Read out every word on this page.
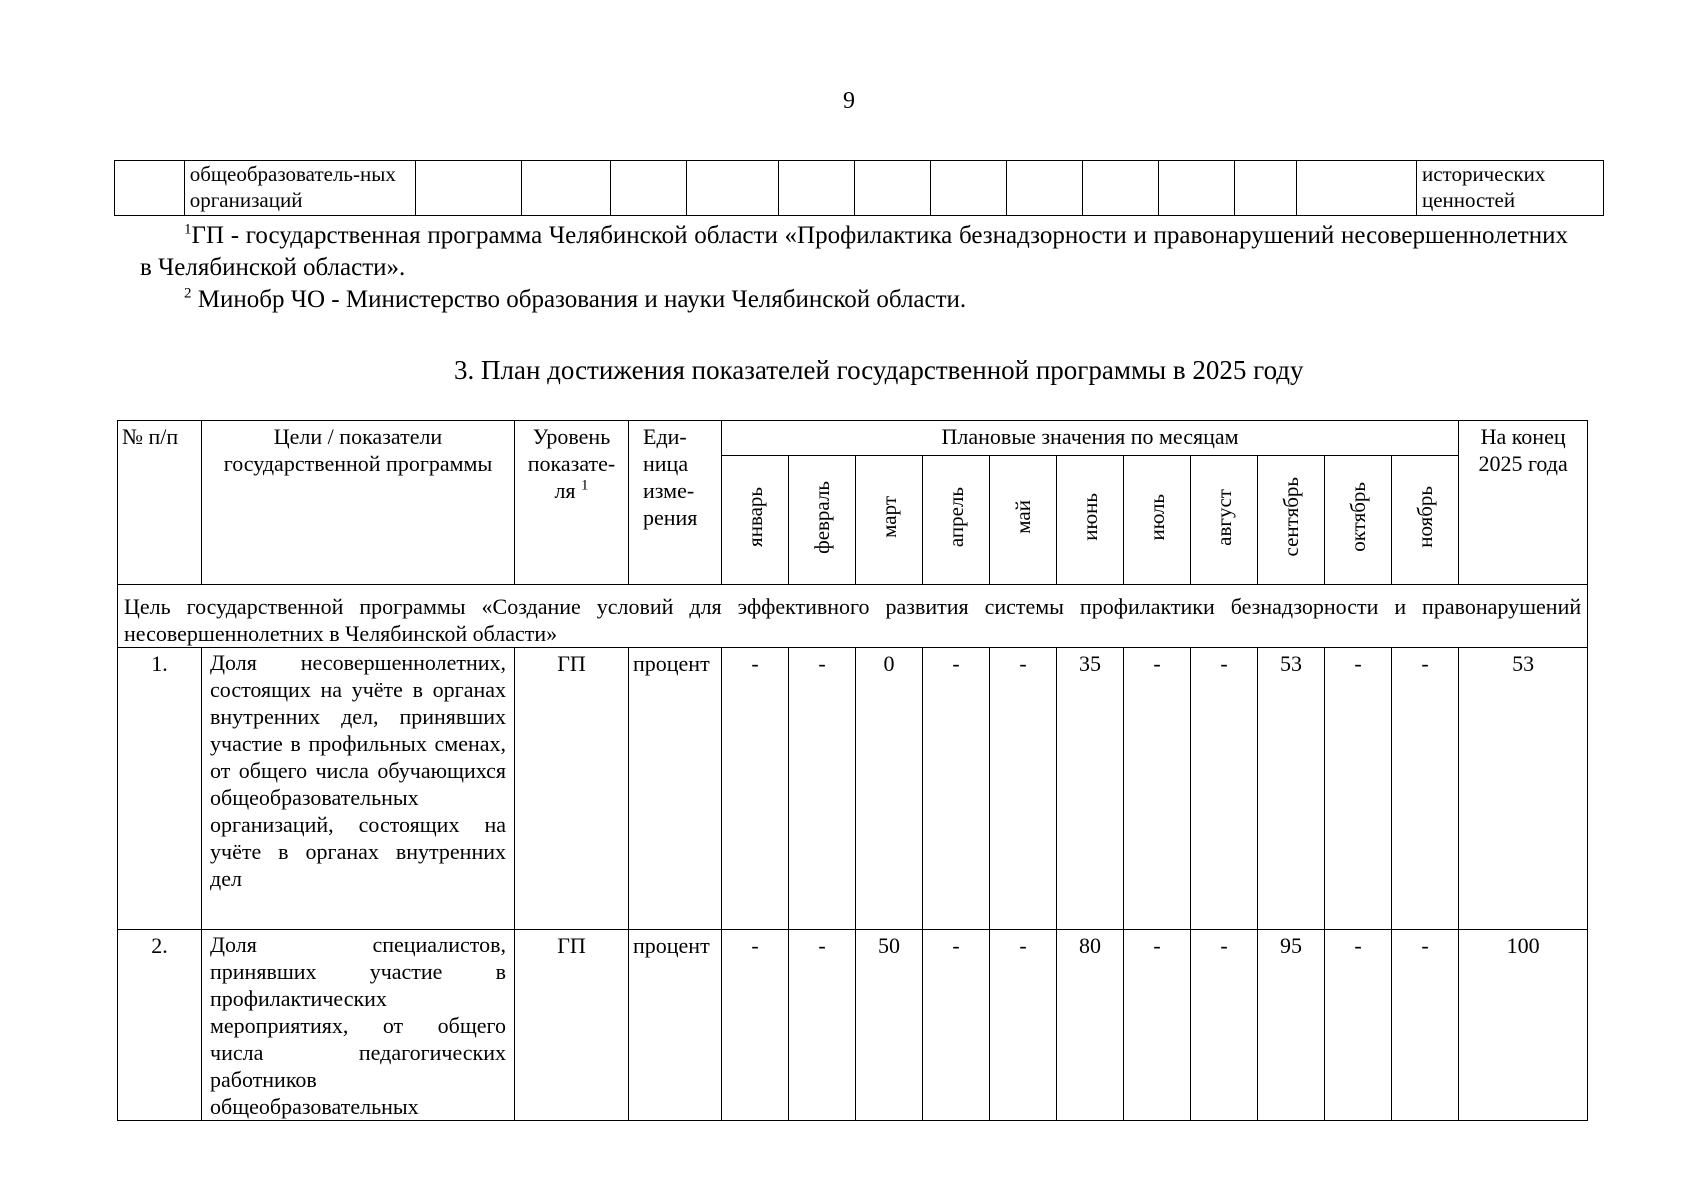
9
	общеобразователь-ных организаций													исторических ценностей

$^1$ГП - государственная программа Челябинской области «Профилактика безнадзорности и правонарушений несовершеннолетних в Челябинской области».

$^2$ Минобр ЧО - Министерство образования и науки Челябинской области.

3. План достижения показателей государственной программы в 2025 году
№ п/п	Цели / показатели государственной программы	Уровень показате-ля $^1$	Еди-ница изме-рения	Плановые значения по месяцам											На конец 2025 года
				январь	февраль	март	апрель	май	июнь	июль	август	сентябрь	октябрь	ноябрь	
Цель государственной программы «Создание условий для эффективного развития системы профилактики безнадзорности и правонарушений несовершеннолетних в Челябинской области»															
1.	Доля несовершеннолетних, состоящих на учёте в органах внутренних дел, принявших участие в профильных сменах, от общего числа обучающихся общеобразовательных организаций, состоящих на учёте в органах внутренних дел	ГП	процент	-	-	0	-	-	35	-	-	53	-	-	53
2.	Доля специалистов, принявших участие в профилактических мероприятиях, от общего числа педагогических работников общеобразовательных	ГП	процент	-	-	50	-	-	80	-	-	95	-	-	100
